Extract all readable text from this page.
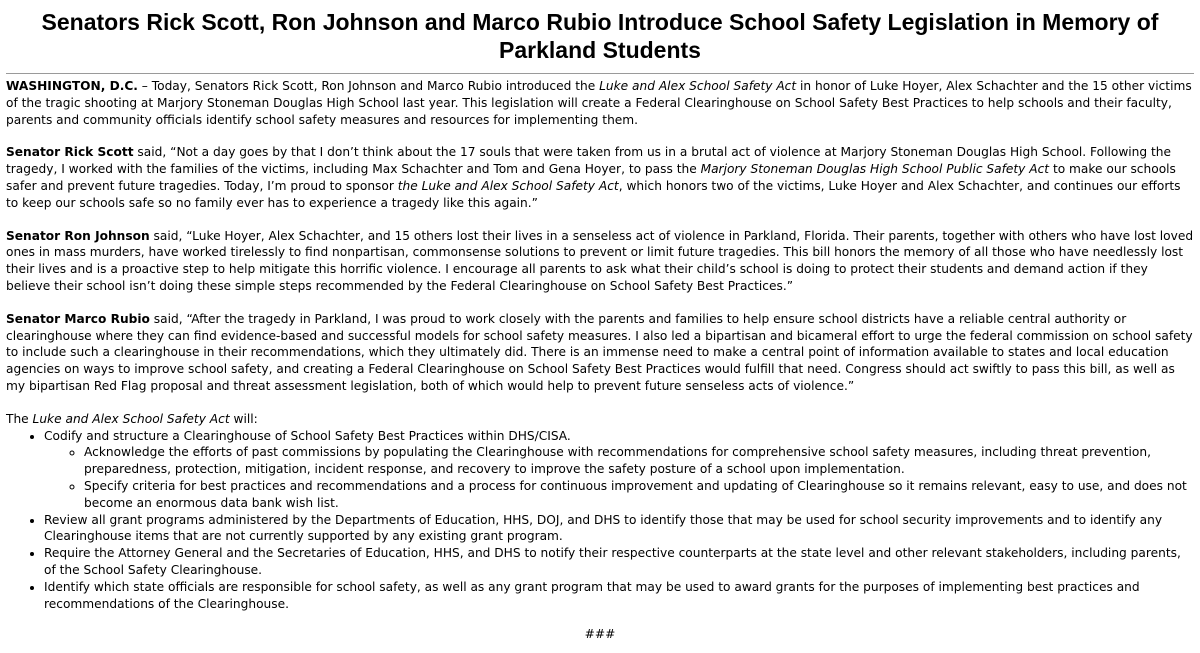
Senators Rick Scott, Ron Johnson and Marco Rubio Introduce School Safety Legislation in Memory of Parkland Students

WASHINGTON, D.C. – Today, Senators Rick Scott, Ron Johnson and Marco Rubio introduced the Luke and Alex School Safety Act in honor of Luke Hoyer, Alex Schachter and the 15 other victims of the tragic shooting at Marjory Stoneman Douglas High School last year. This legislation will create a Federal Clearinghouse on School Safety Best Practices to help schools and their faculty, parents and community officials identify school safety measures and resources for implementing them.

Senator Rick Scott said, “Not a day goes by that I don’t think about the 17 souls that were taken from us in a brutal act of violence at Marjory Stoneman Douglas High School. Following the tragedy, I worked with the families of the victims, including Max Schachter and Tom and Gena Hoyer, to pass the Marjory Stoneman Douglas High School Public Safety Act to make our schools safer and prevent future tragedies. Today, I’m proud to sponsor the Luke and Alex School Safety Act, which honors two of the victims, Luke Hoyer and Alex Schachter, and continues our efforts to keep our schools safe so no family ever has to experience a tragedy like this again.”

Senator Ron Johnson said, “Luke Hoyer, Alex Schachter, and 15 others lost their lives in a senseless act of violence in Parkland, Florida. Their parents, together with others who have lost loved ones in mass murders, have worked tirelessly to find nonpartisan, commonsense solutions to prevent or limit future tragedies. This bill honors the memory of all those who have needlessly lost their lives and is a proactive step to help mitigate this horrific violence. I encourage all parents to ask what their child’s school is doing to protect their students and demand action if they believe their school isn’t doing these simple steps recommended by the Federal Clearinghouse on School Safety Best Practices.”

Senator Marco Rubio said, “After the tragedy in Parkland, I was proud to work closely with the parents and families to help ensure school districts have a reliable central authority or clearinghouse where they can find evidence-based and successful models for school safety measures. I also led a bipartisan and bicameral effort to urge the federal commission on school safety to include such a clearinghouse in their recommendations, which they ultimately did. There is an immense need to make a central point of information available to states and local education agencies on ways to improve school safety, and creating a Federal Clearinghouse on School Safety Best Practices would fulfill that need. Congress should act swiftly to pass this bill, as well as my bipartisan Red Flag proposal and threat assessment legislation, both of which would help to prevent future senseless acts of violence.”

The Luke and Alex School Safety Act will:
• Codify and structure a Clearinghouse of School Safety Best Practices within DHS/CISA.
◦ Acknowledge the efforts of past commissions by populating the Clearinghouse with recommendations for comprehensive school safety measures, including threat prevention, preparedness, protection, mitigation, incident response, and recovery to improve the safety posture of a school upon implementation.
◦ Specify criteria for best practices and recommendations and a process for continuous improvement and updating of Clearinghouse so it remains relevant, easy to use, and does not become an enormous data bank wish list.
• Review all grant programs administered by the Departments of Education, HHS, DOJ, and DHS to identify those that may be used for school security improvements and to identify any Clearinghouse items that are not currently supported by any existing grant program.
• Require the Attorney General and the Secretaries of Education, HHS, and DHS to notify their respective counterparts at the state level and other relevant stakeholders, including parents, of the School Safety Clearinghouse.
• Identify which state officials are responsible for school safety, as well as any grant program that may be used to award grants for the purposes of implementing best practices and recommendations of the Clearinghouse.
###
